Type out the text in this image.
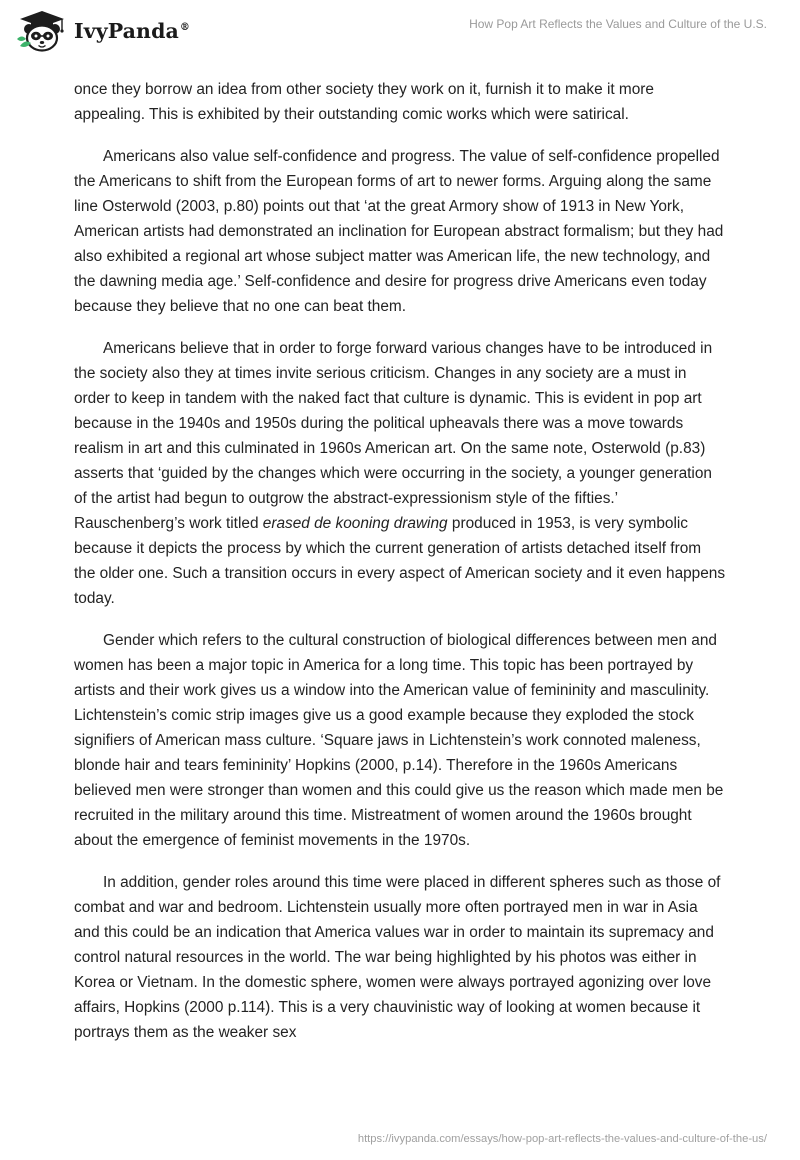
IvyPanda®	How Pop Art Reflects the Values and Culture of the U.S.

once they borrow an idea from other society they work on it, furnish it to make it more appealing. This is exhibited by their outstanding comic works which were satirical.

Americans also value self-confidence and progress. The value of self-confidence propelled the Americans to shift from the European forms of art to newer forms. Arguing along the same line Osterwold (2003, p.80) points out that ‘at the great Armory show of 1913 in New York, American artists had demonstrated an inclination for European abstract formalism; but they had also exhibited a regional art whose subject matter was American life, the new technology, and the dawning media age.’ Self-confidence and desire for progress drive Americans even today because they believe that no one can beat them.

Americans believe that in order to forge forward various changes have to be introduced in the society also they at times invite serious criticism. Changes in any society are a must in order to keep in tandem with the naked fact that culture is dynamic. This is evident in pop art because in the 1940s and 1950s during the political upheavals there was a move towards realism in art and this culminated in 1960s American art. On the same note, Osterwold (p.83) asserts that ‘guided by the changes which were occurring in the society, a younger generation of the artist had begun to outgrow the abstract-expressionism style of the fifties.’ Rauschenberg’s work titled erased de kooning drawing produced in 1953, is very symbolic because it depicts the process by which the current generation of artists detached itself from the older one. Such a transition occurs in every aspect of American society and it even happens today.

Gender which refers to the cultural construction of biological differences between men and women has been a major topic in America for a long time. This topic has been portrayed by artists and their work gives us a window into the American value of femininity and masculinity. Lichtenstein’s comic strip images give us a good example because they exploded the stock signifiers of American mass culture. ‘Square jaws in Lichtenstein’s work connoted maleness, blonde hair and tears femininity’ Hopkins (2000, p.14). Therefore in the 1960s Americans believed men were stronger than women and this could give us the reason which made men be recruited in the military around this time. Mistreatment of women around the 1960s brought about the emergence of feminist movements in the 1970s.

In addition, gender roles around this time were placed in different spheres such as those of combat and war and bedroom. Lichtenstein usually more often portrayed men in war in Asia and this could be an indication that America values war in order to maintain its supremacy and control natural resources in the world. The war being highlighted by his photos was either in Korea or Vietnam. In the domestic sphere, women were always portrayed agonizing over love affairs, Hopkins (2000 p.114). This is a very chauvinistic way of looking at women because it portrays them as the weaker sex

https://ivypanda.com/essays/how-pop-art-reflects-the-values-and-culture-of-the-us/
